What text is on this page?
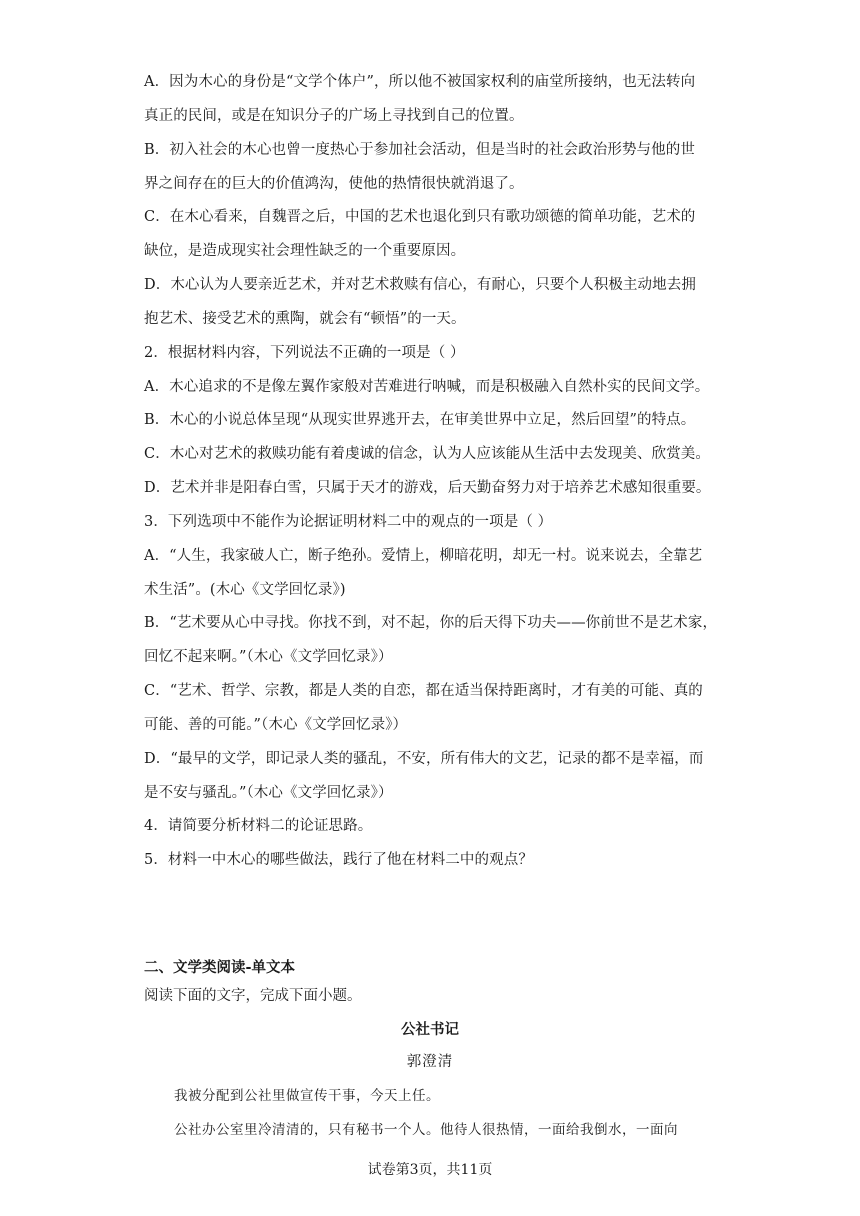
A．因为木心的身份是“文学个体户”，所以他不被国家权利的庙堂所接纳，也无法转向
真正的民间，或是在知识分子的广场上寻找到自己的位置。
B．初入社会的木心也曾一度热心于参加社会活动，但是当时的社会政治形势与他的世
界之间存在的巨大的价值鸿沟，使他的热情很快就消退了。
C．在木心看来，自魏晋之后，中国的艺术也退化到只有歌功颂德的简单功能，艺术的
缺位，是造成现实社会理性缺乏的一个重要原因。
D．木心认为人要亲近艺术，并对艺术救赎有信心，有耐心，只要个人积极主动地去拥
抱艺术、接受艺术的熏陶，就会有“顿悟”的一天。
2．根据材料内容，下列说法不正确的一项是（ ）
A．木心追求的不是像左翼作家般对苦难进行呐喊，而是积极融入自然朴实的民间文学。
B．木心的小说总体呈现“从现实世界逃开去，在审美世界中立足，然后回望”的特点。
C．木心对艺术的救赎功能有着虔诚的信念，认为人应该能从生活中去发现美、欣赏美。
D．艺术并非是阳春白雪，只属于天才的游戏，后天勤奋努力对于培养艺术感知很重要。
3．下列选项中不能作为论据证明材料二中的观点的一项是（ ）
A．“人生，我家破人亡，断子绝孙。爱情上，柳暗花明，却无一村。说来说去，全靠艺
术生活”。(木心《文学回忆录》)
B．“艺术要从心中寻找。你找不到，对不起，你的后天得下功夫——你前世不是艺术家，
回忆不起来啊。”（木心《文学回忆录》）
C．“艺术、哲学、宗教，都是人类的自恋，都在适当保持距离时，才有美的可能、真的
可能、善的可能。”（木心《文学回忆录》）
D．“最早的文学，即记录人类的骚乱，不安，所有伟大的文艺，记录的都不是幸福，而
是不安与骚乱。”（木心《文学回忆录》）
4．请简要分析材料二的论证思路。
5．材料一中木心的哪些做法，践行了他在材料二中的观点？
二、文学类阅读-单文本
阅读下面的文字，完成下面小题。
公社书记
郭澄清
我被分配到公社里做宣传干事，今天上任。
公社办公室里冷清清的，只有秘书一个人。他待人很热情，一面给我倒水，一面向
试卷第3页，共11页
